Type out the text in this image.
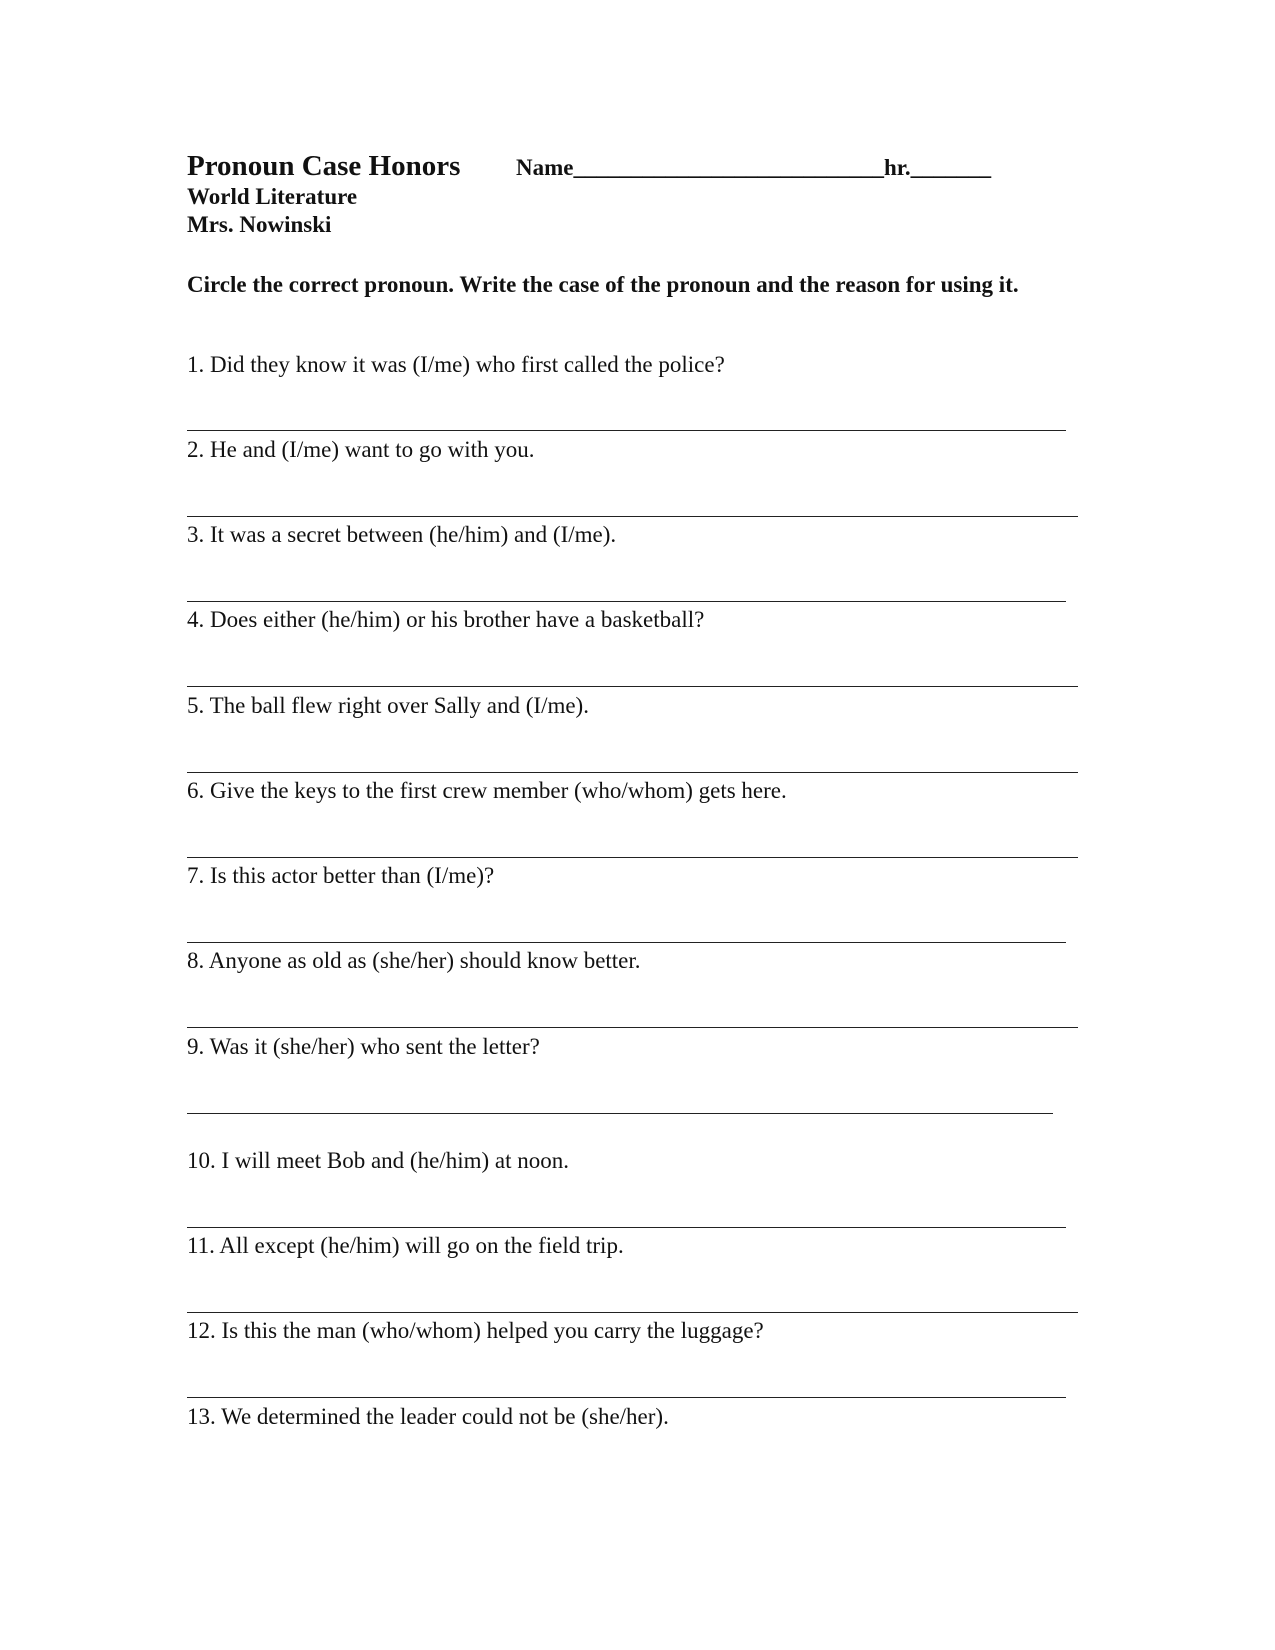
Pronoun Case Honors Name___________________________hr._______
World Literature
Mrs. Nowinski
Circle the correct pronoun. Write the case of the pronoun and the reason for using it.
1. Did they know it was (I/me) who first called the police?
2. He and (I/me) want to go with you.
3. It was a secret between (he/him) and (I/me).
4. Does either (he/him) or his brother have a basketball?
5. The ball flew right over Sally and (I/me).
6. Give the keys to the first crew member (who/whom) gets here.
7. Is this actor better than (I/me)?
8. Anyone as old as (she/her) should know better.
9. Was it (she/her) who sent the letter?
10. I will meet Bob and (he/him) at noon.
11. All except (he/him) will go on the field trip.
12. Is this the man (who/whom) helped you carry the luggage?
13. We determined the leader could not be (she/her).
